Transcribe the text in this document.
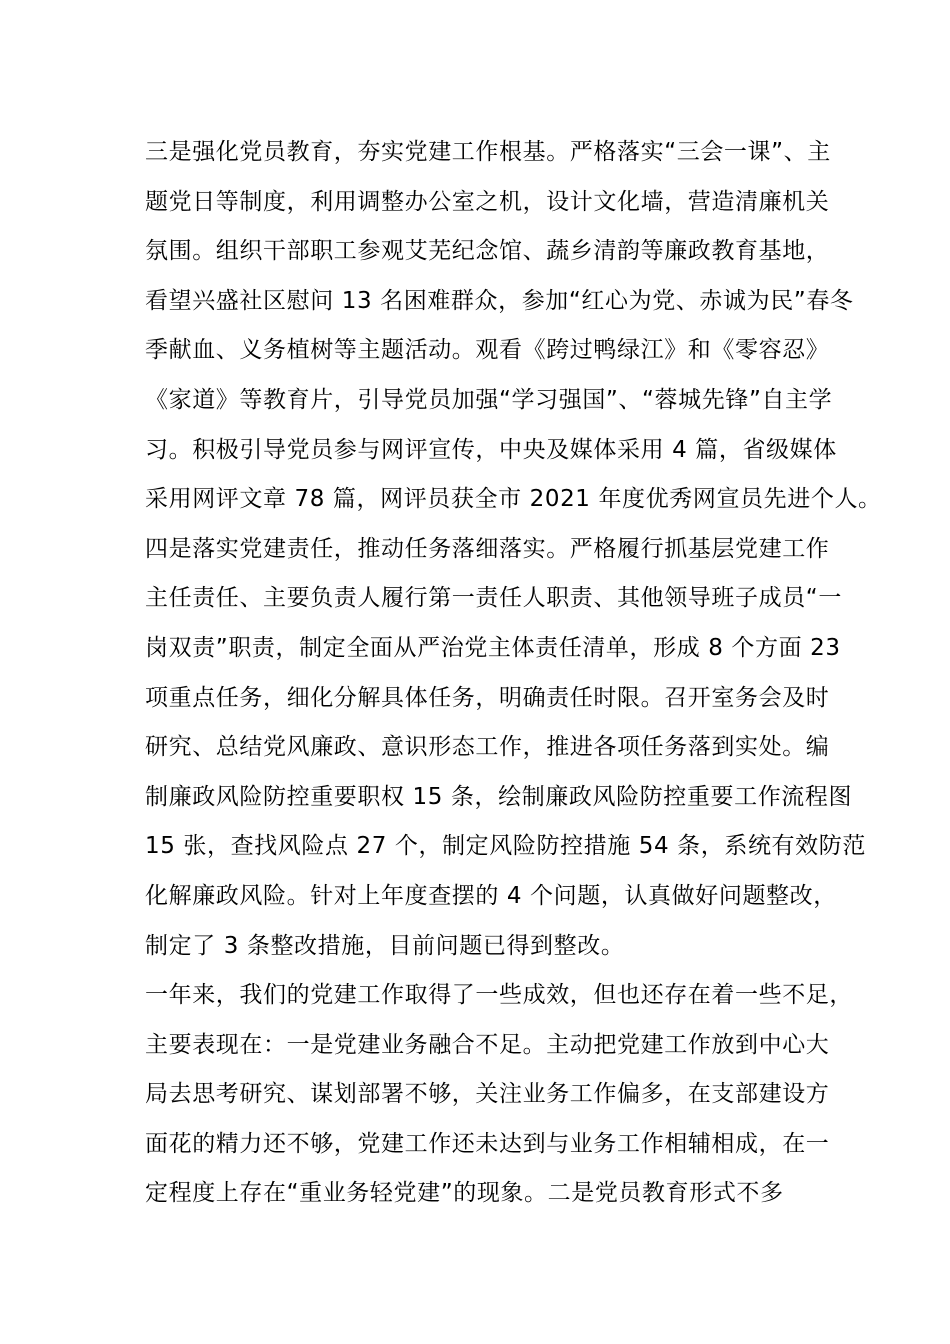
三是强化党员教育，夯实党建工作根基。严格落实“三会一课”、主
题党日等制度，利用调整办公室之机，设计文化墙，营造清廉机关
氛围。组织干部职工参观艾芜纪念馆、蔬乡清韵等廉政教育基地，
看望兴盛社区慰问 13 名困难群众，参加“红心为党、赤诚为民”春冬
季献血、义务植树等主题活动。观看《跨过鸭绿江》和《零容忍》
《家道》等教育片，引导党员加强“学习强国”、“蓉城先锋”自主学
习。积极引导党员参与网评宣传，中央及媒体采用 4 篇，省级媒体
采用网评文章 78 篇，网评员获全市 2021 年度优秀网宣员先进个人。
四是落实党建责任，推动任务落细落实。严格履行抓基层党建工作
主任责任、主要负责人履行第一责任人职责、其他领导班子成员“一
岗双责”职责，制定全面从严治党主体责任清单，形成 8 个方面 23
项重点任务，细化分解具体任务，明确责任时限。召开室务会及时
研究、总结党风廉政、意识形态工作，推进各项任务落到实处。编
制廉政风险防控重要职权 15 条，绘制廉政风险防控重要工作流程图
15 张，查找风险点 27 个，制定风险防控措施 54 条，系统有效防范
化解廉政风险。针对上年度查摆的 4 个问题，认真做好问题整改，
制定了 3 条整改措施，目前问题已得到整改。
一年来，我们的党建工作取得了一些成效，但也还存在着一些不足，
主要表现在：一是党建业务融合不足。主动把党建工作放到中心大
局去思考研究、谋划部署不够，关注业务工作偏多，在支部建设方
面花的精力还不够，党建工作还未达到与业务工作相辅相成，在一
定程度上存在“重业务轻党建”的现象。二是党员教育形式不多
